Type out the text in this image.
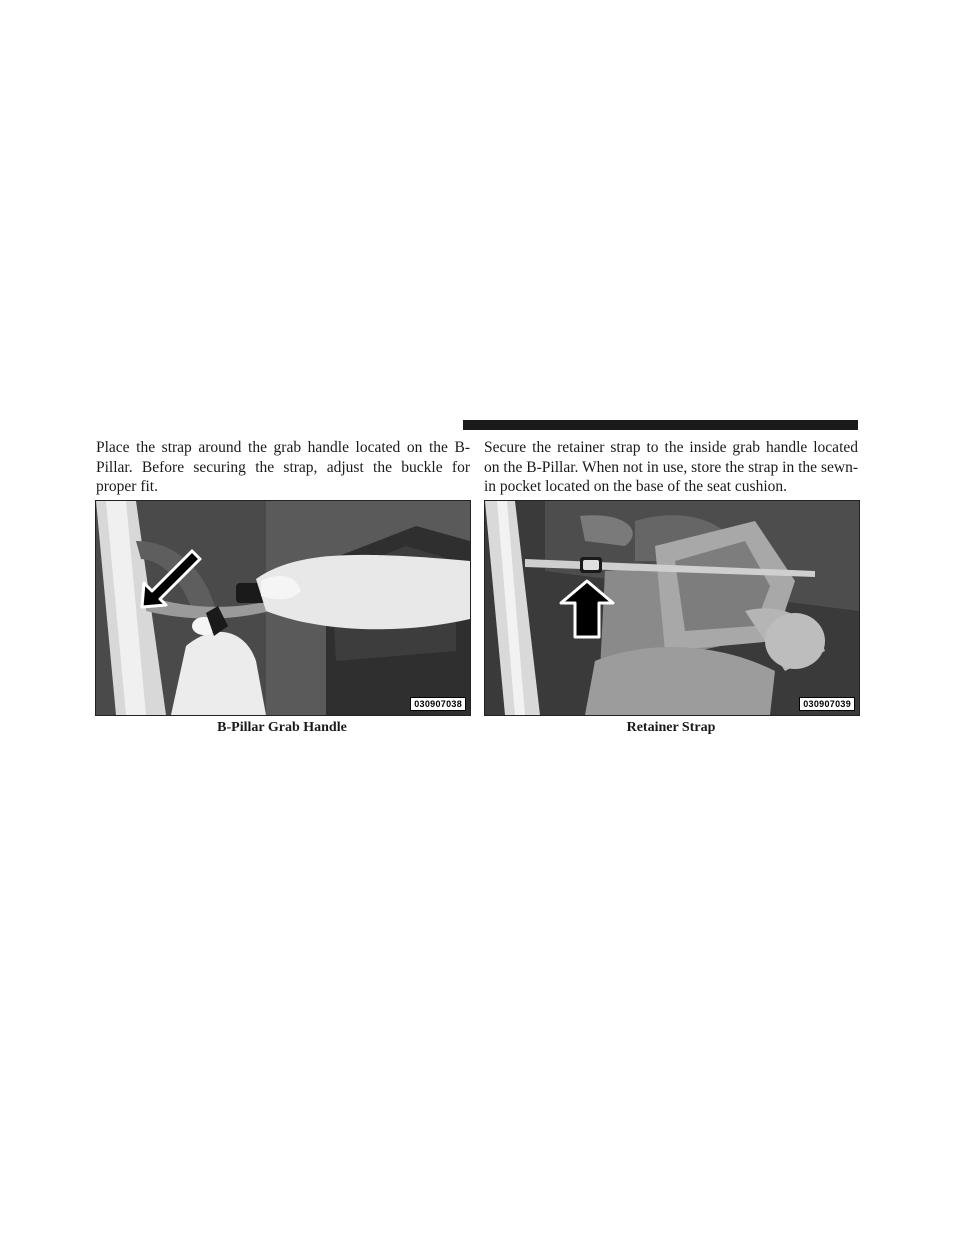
Place the strap around the grab handle located on the B-Pillar. Before securing the strap, adjust the buckle for proper fit.

Secure the retainer strap to the inside grab handle located on the B-Pillar. When not in use, store the strap in the sewn-in pocket located on the base of the seat cushion.

030907038	030907039

B-Pillar Grab Handle	Retainer Strap
